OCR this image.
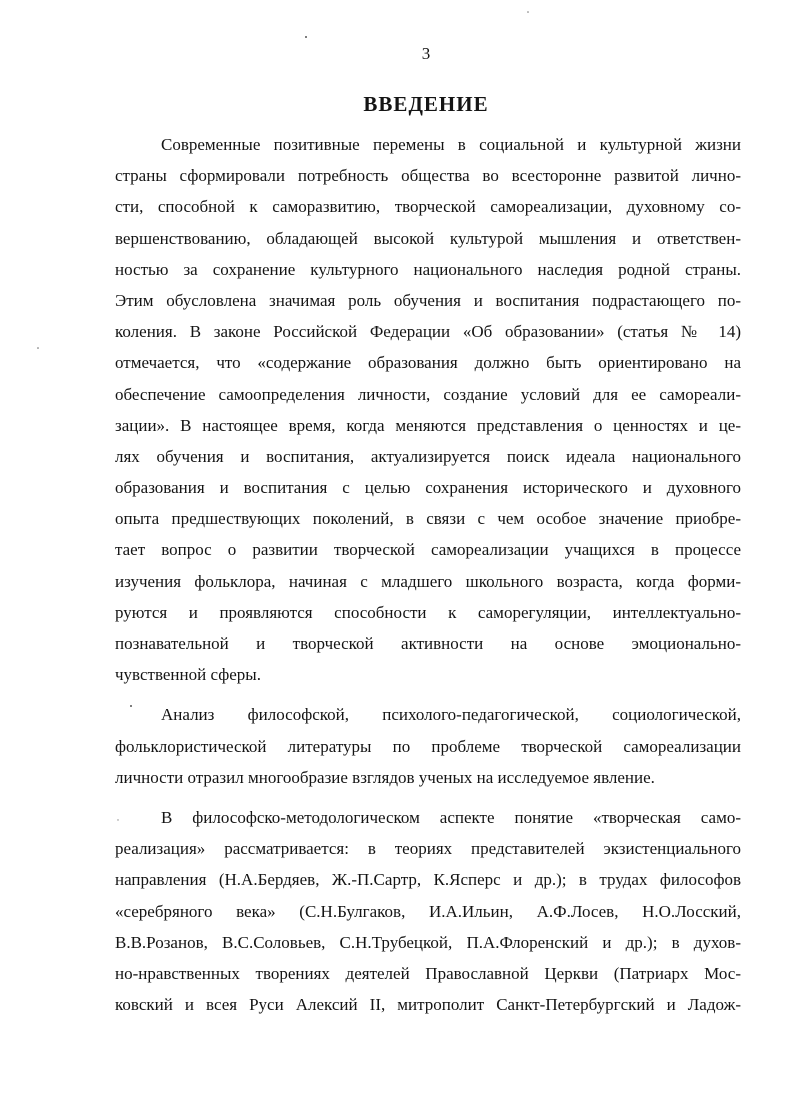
3
ВВЕДЕНИЕ

Современные позитивные перемены в социальной и культурной жизни
страны сформировали потребность общества во всесторонне развитой лично-
сти, способной к саморазвитию, творческой самореализации, духовному со-
вершенствованию, обладающей высокой культурой мышления и ответствен-
ностью за сохранение культурного национального наследия родной страны.
Этим обусловлена значимая роль обучения и воспитания подрастающего по-
коления. В законе Российской Федерации «Об образовании» (статья № 14)
отмечается, что «содержание образования должно быть ориентировано на
обеспечение самоопределения личности, создание условий для ее самореали-
зации». В настоящее время, когда меняются представления о ценностях и це-
лях обучения и воспитания, актуализируется поиск идеала национального
образования и воспитания с целью сохранения исторического и духовного
опыта предшествующих поколений, в связи с чем особое значение приобре-
тает вопрос о развитии творческой самореализации учащихся в процессе
изучения фольклора, начиная с младшего школьного возраста, когда форми-
руются и проявляются способности к саморегуляции, интеллектуально-
познавательной и творческой активности на основе эмоционально-
чувственной сферы.

Анализ философской, психолого-педагогической, социологической,
фольклористической литературы по проблеме творческой самореализации
личности отразил многообразие взглядов ученых на исследуемое явление.

В философско-методологическом аспекте понятие «творческая само-
реализация» рассматривается: в теориях представителей экзистенциального
направления (Н.А.Бердяев, Ж.-П.Сартр, К.Ясперс и др.); в трудах философов
«серебряного века» (С.Н.Булгаков, И.А.Ильин, А.Ф.Лосев, Н.О.Лосский,
В.В.Розанов, В.С.Соловьев, С.Н.Трубецкой, П.А.Флоренский и др.); в духов-
но-нравственных творениях деятелей Православной Церкви (Патриарх Мос-
ковский и всея Руси Алексий II, митрополит Санкт-Петербургский и Ладож-
